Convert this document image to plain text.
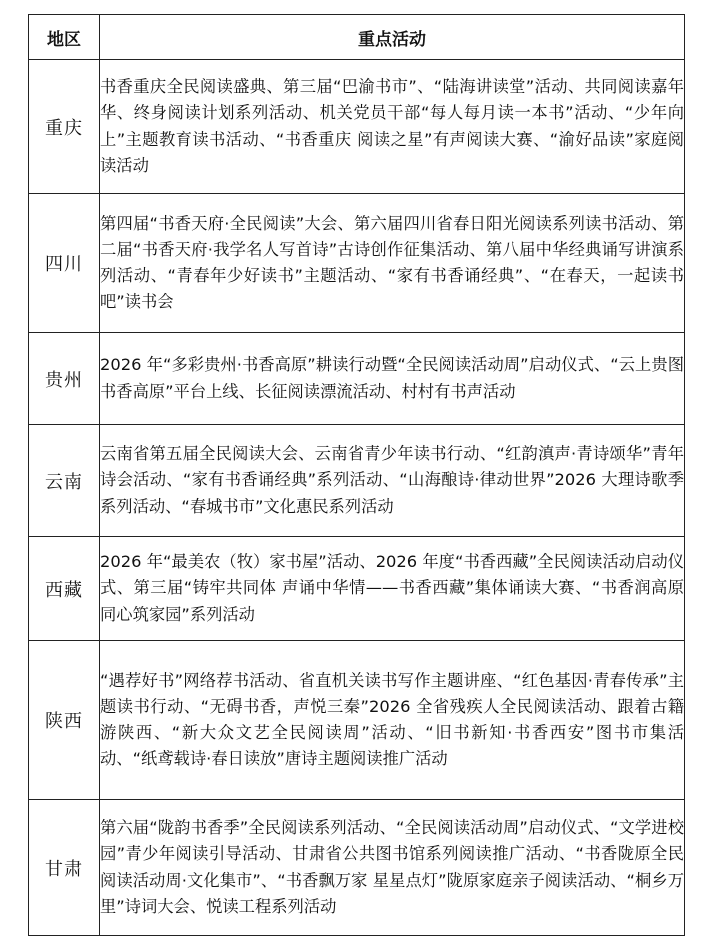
地区	重点活动
重庆	书香重庆全民阅读盛典、第三届“巴渝书市”、“陆海讲读堂”活动、共同阅读嘉年华、终身阅读计划系列活动、机关党员干部“每人每月读一本书”活动、“少年向上”主题教育读书活动、“书香重庆 阅读之星”有声阅读大赛、“渝好品读”家庭阅读活动
四川	第四届“书香天府·全民阅读”大会、第六届四川省春日阳光阅读系列读书活动、第二届“书香天府·我学名人写首诗”古诗创作征集活动、第八届中华经典诵写讲演系列活动、“青春年少好读书”主题活动、“家有书香诵经典”、“在春天，一起读书吧”读书会
贵州	2026 年“多彩贵州·书香高原”耕读行动暨“全民阅读活动周”启动仪式、“云上贵图 书香高原”平台上线、长征阅读漂流活动、村村有书声活动
云南	云南省第五届全民阅读大会、云南省青少年读书行动、“红韵滇声·青诗颂华”青年诗会活动、“家有书香诵经典”系列活动、“山海酿诗·律动世界”2026 大理诗歌季系列活动、“春城书市”文化惠民系列活动
西藏	2026 年“最美农（牧）家书屋”活动、2026 年度“书香西藏”全民阅读活动启动仪式、第三届“铸牢共同体 声诵中华情——书香西藏”集体诵读大赛、“书香润高原 同心筑家园”系列活动
陕西	“遇荐好书”网络荐书活动、省直机关读书写作主题讲座、“红色基因·青春传承”主题读书行动、“无碍书香，声悦三秦”2026 全省残疾人全民阅读活动、跟着古籍游陕西、“新大众文艺全民阅读周”活动、“旧书新知·书香西安”图书市集活动、“纸鸢载诗·春日读放”唐诗主题阅读推广活动
甘肃	第六届“陇韵书香季”全民阅读系列活动、“全民阅读活动周”启动仪式、“文学进校园”青少年阅读引导活动、甘肃省公共图书馆系列阅读推广活动、“书香陇原全民阅读活动周·文化集市”、“书香飘万家 星星点灯”陇原家庭亲子阅读活动、“桐乡万里”诗词大会、悦读工程系列活动
